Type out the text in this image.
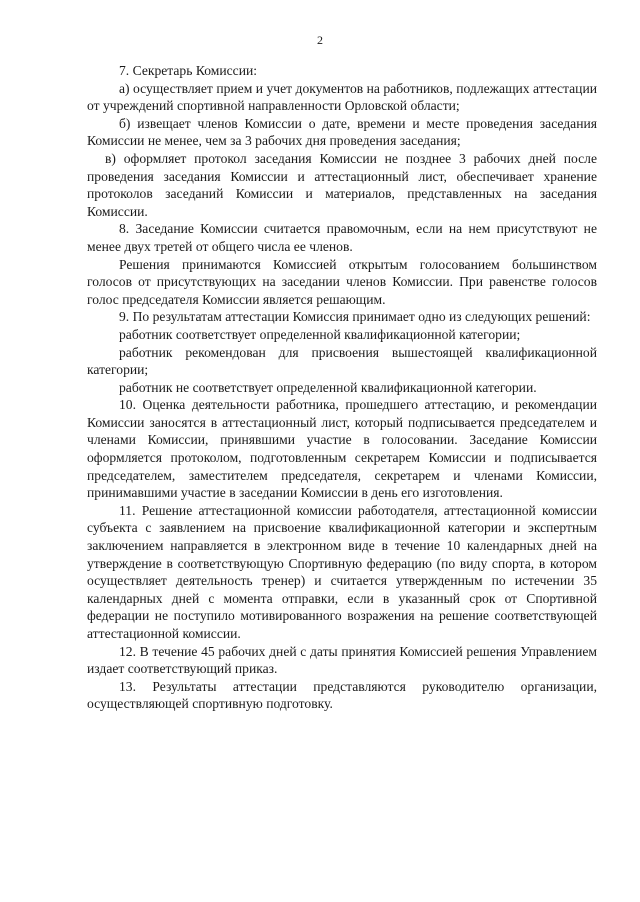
2

7. Секретарь Комиссии:

а) осуществляет прием и учет документов на работников, подлежащих аттестации от учреждений спортивной направленности Орловской области;

б) извещает членов Комиссии о дате, времени и месте проведения заседания Комиссии не менее, чем за 3 рабочих дня проведения заседания;

в) оформляет протокол заседания Комиссии не позднее 3 рабочих дней после проведения заседания Комиссии и аттестационный лист, обеспечивает хранение протоколов заседаний Комиссии и материалов, представленных на заседания Комиссии.

8. Заседание Комиссии считается правомочным, если на нем присутствуют не менее двух третей от общего числа ее членов.

Решения принимаются Комиссией открытым голосованием большинством голосов от присутствующих на заседании членов Комиссии. При равенстве голосов голос председателя Комиссии является решающим.

9. По результатам аттестации Комиссия принимает одно из следующих решений:

работник соответствует определенной квалификационной категории;

работник рекомендован для присвоения вышестоящей квалификационной категории;

работник не соответствует определенной квалификационной категории.

10. Оценка деятельности работника, прошедшего аттестацию, и рекомендации Комиссии заносятся в аттестационный лист, который подписывается председателем и членами Комиссии, принявшими участие в голосовании. Заседание Комиссии оформляется протоколом, подготовленным секретарем Комиссии и подписывается председателем, заместителем председателя, секретарем и членами Комиссии, принимавшими участие в заседании Комиссии в день его изготовления.

11. Решение аттестационной комиссии работодателя, аттестационной комиссии субъекта с заявлением на присвоение квалификационной категории и экспертным заключением направляется в электронном виде в течение 10 календарных дней на утверждение в соответствующую Спортивную федерацию (по виду спорта, в котором осуществляет деятельность тренер) и считается утвержденным по истечении 35 календарных дней с момента отправки, если в указанный срок от Спортивной федерации не поступило мотивированного возражения на решение соответствующей аттестационной комиссии.

12. В течение 45 рабочих дней с даты принятия Комиссией решения Управлением издает соответствующий приказ.

13. Результаты аттестации представляются руководителю организации, осуществляющей спортивную подготовку.
